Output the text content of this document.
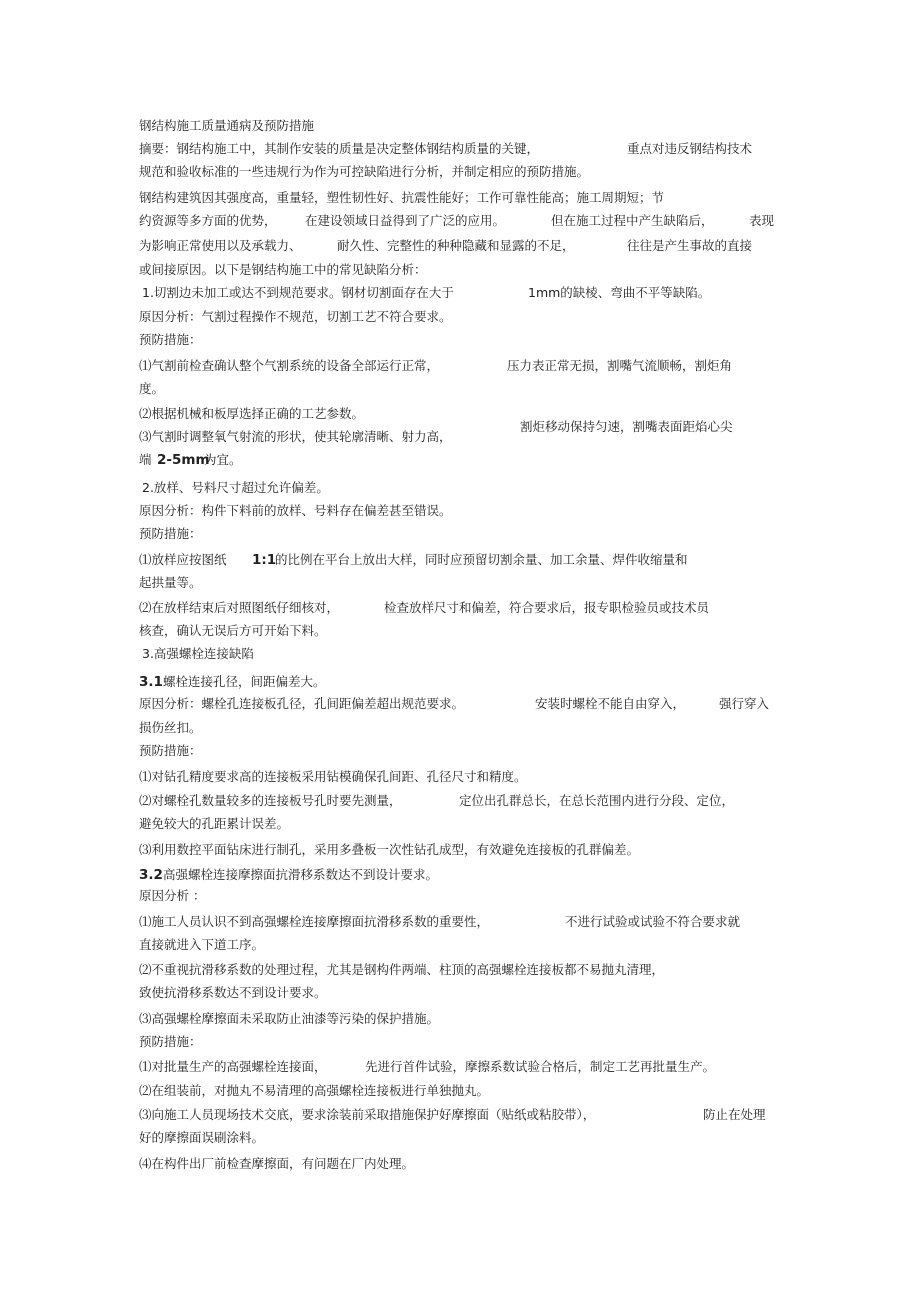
钢结构施工质量通病及预防措施
摘要：钢结构施工中，其制作安装的质量是决定整体钢结构质量的关键，	重点对违反钢结构技术
规范和验收标准的一些违规行为作为可控缺陷进行分析，并制定相应的预防措施。
钢结构建筑因其强度高，重量轻，塑性韧性好、抗震性能好；工作可靠性能高；施工周期短；节
约资源等多方面的优势， 在建设领域日益得到了广泛的应用。	但在施工过程中产生缺陷后，	表现
为影响正常使用以及承载力、	耐久性、完整性的种种隐藏和显露的不足，	往往是产生事故的直接
或间接原因。以下是钢结构施工中的常见缺陷分析：
1.切割边未加工或达不到规范要求。钢材切割面存在大于	1mm的缺棱、弯曲不平等缺陷。
原因分析：气割过程操作不规范，切割工艺不符合要求。
预防措施：
⑴气割前检查确认整个气割系统的设备全部运行正常，	压力表正常无损，割嘴气流顺畅，割炬角
度。
⑵根据机械和板厚选择正确的工艺参数。
割炬移动保持匀速，割嘴表面距焰心尖
⑶气割时调整氧气射流的形状，使其轮廓清晰、射力高，
端 2-5mm
为宜。
2.放样、号料尺寸超过允许偏差。
原因分析：构件下料前的放样、号料存在偏差甚至错误。
预防措施：
⑴放样应按图纸 1:1
的比例在平台上放出大样，同时应预留切割余量、加工余量、焊件收缩量和
起拱量等。
⑵在放样结束后对照图纸仔细核对，	检查放样尺寸和偏差，符合要求后，报专职检验员或技术员
核查，确认无误后方可开始下料。
3.高强螺栓连接缺陷
3.1 螺栓连接孔径，间距偏差大。
原因分析：螺栓孔连接板孔径，孔间距偏差超出规范要求。	安装时螺栓不能自由穿入，	强行穿入
损伤丝扣。
预防措施：
⑴对钻孔精度要求高的连接板采用钻模确保孔间距、孔径尺寸和精度。
⑵对螺栓孔数量较多的连接板号孔时要先测量，	定位出孔群总长，在总长范围内进行分段、定位，
避免较大的孔距累计误差。
⑶利用数控平面钻床进行制孔，采用多叠板一次性钻孔成型，有效避免连接板的孔群偏差。
3.2 高强螺栓连接摩擦面抗滑移系数达不到设计要求。
原因分析 ：
⑴施工人员认识不到高强螺栓连接摩擦面抗滑移系数的重要性，	不进行试验或试验不符合要求就
直接就进入下道工序。
⑵不重视抗滑移系数的处理过程，尤其是钢构件两端、柱顶的高强螺栓连接板都不易抛丸清理，
致使抗滑移系数达不到设计要求。
⑶高强螺栓摩擦面未采取防止油漆等污染的保护措施。
预防措施：
⑴对批量生产的高强螺栓连接面，	先进行首件试验，摩擦系数试验合格后，制定工艺再批量生产。
⑵在组装前，对抛丸不易清理的高强螺栓连接板进行单独抛丸。
⑶向施工人员现场技术交底，要求涂装前采取措施保护好摩擦面（贴纸或粘胶带），	防止在处理
好的摩擦面误刷涂料。
⑷在构件出厂前检查摩擦面，有问题在厂内处理。
